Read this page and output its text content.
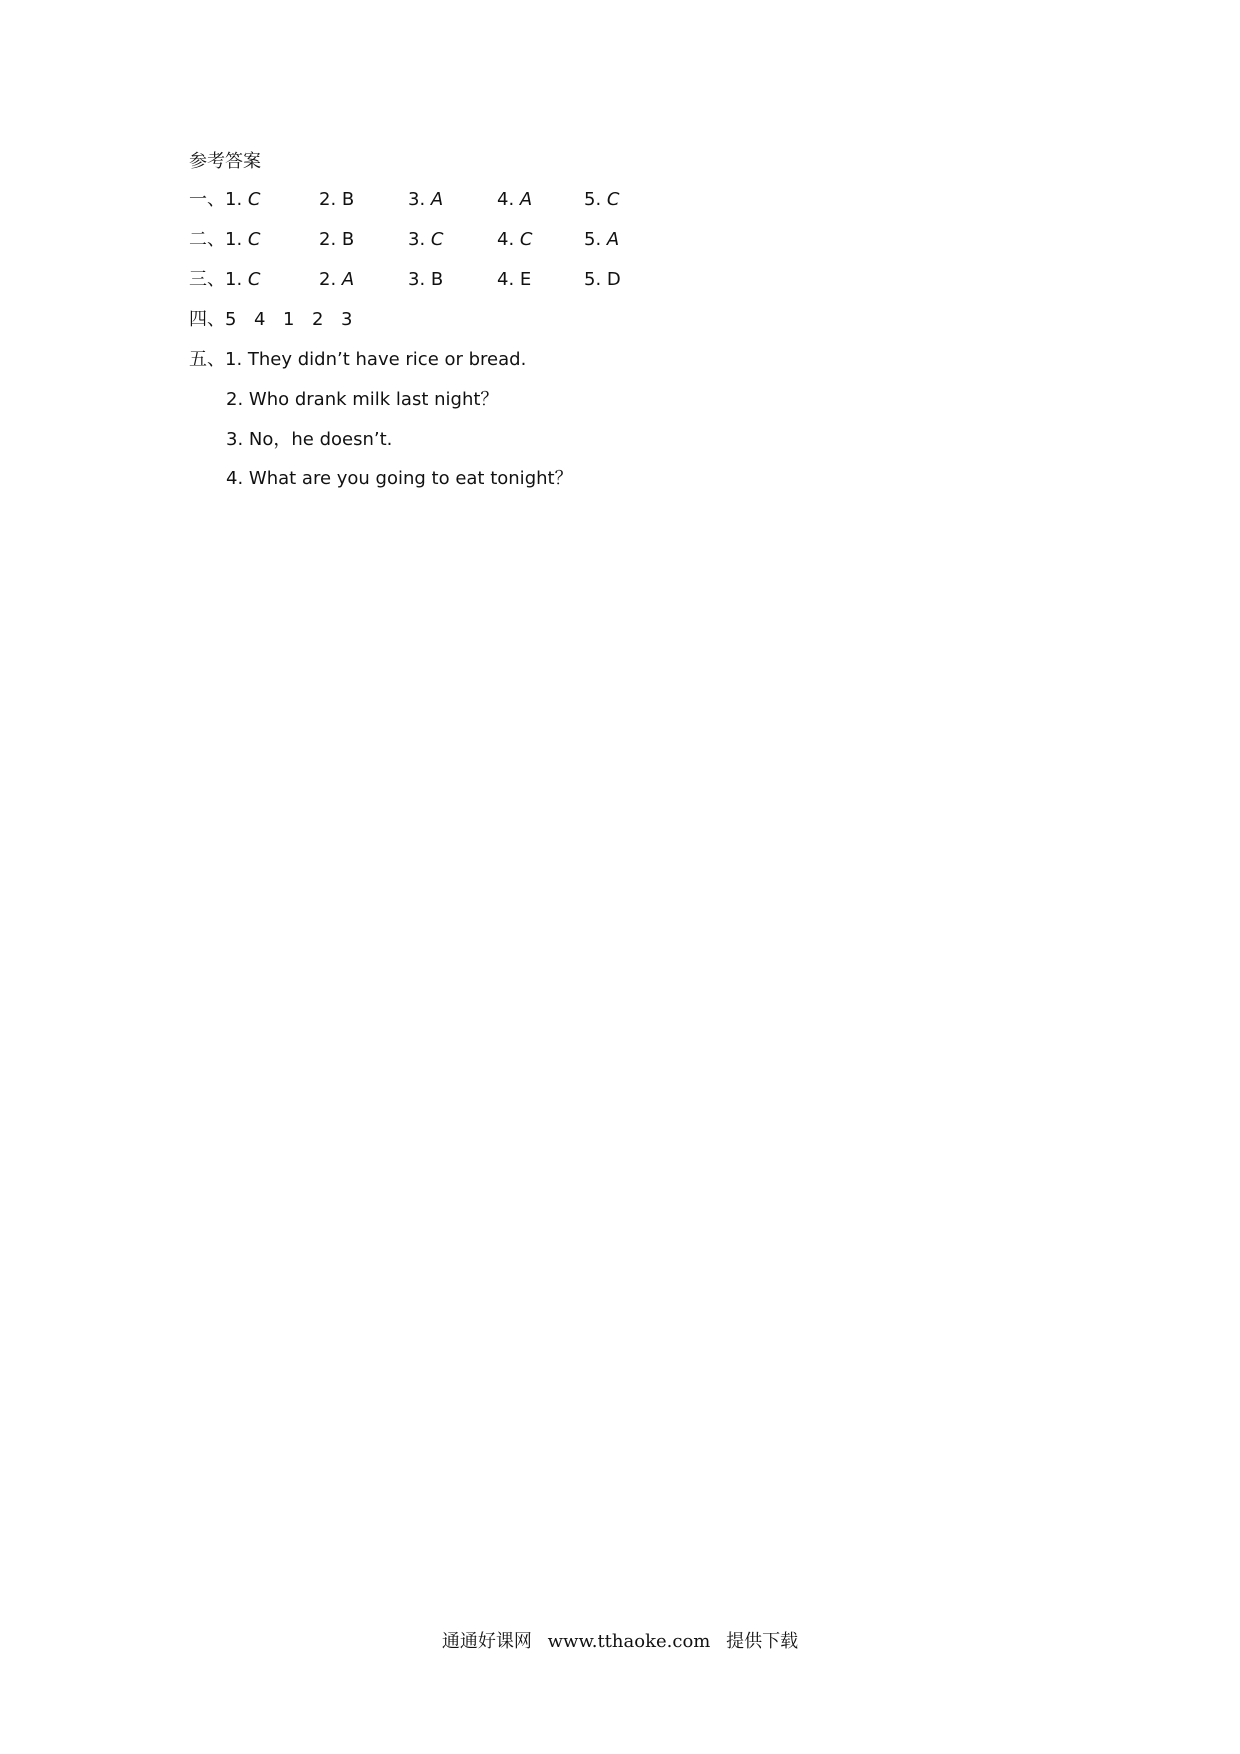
参考答案
一、 1. C	2. B	3. A	4. A	5. C
二、 1. C	2. B	3. C	4. C	5. A
三、 1. C	2. A	3. B	4. E	5. D
四、 5 4 1 2 3
五、 1. They didn’t have rice or bread.
2. Who drank milk last night？
3. No，he doesn’t.
4. What are you going to eat tonight？
通通好课网 www.tthaoke.com 提供下载
